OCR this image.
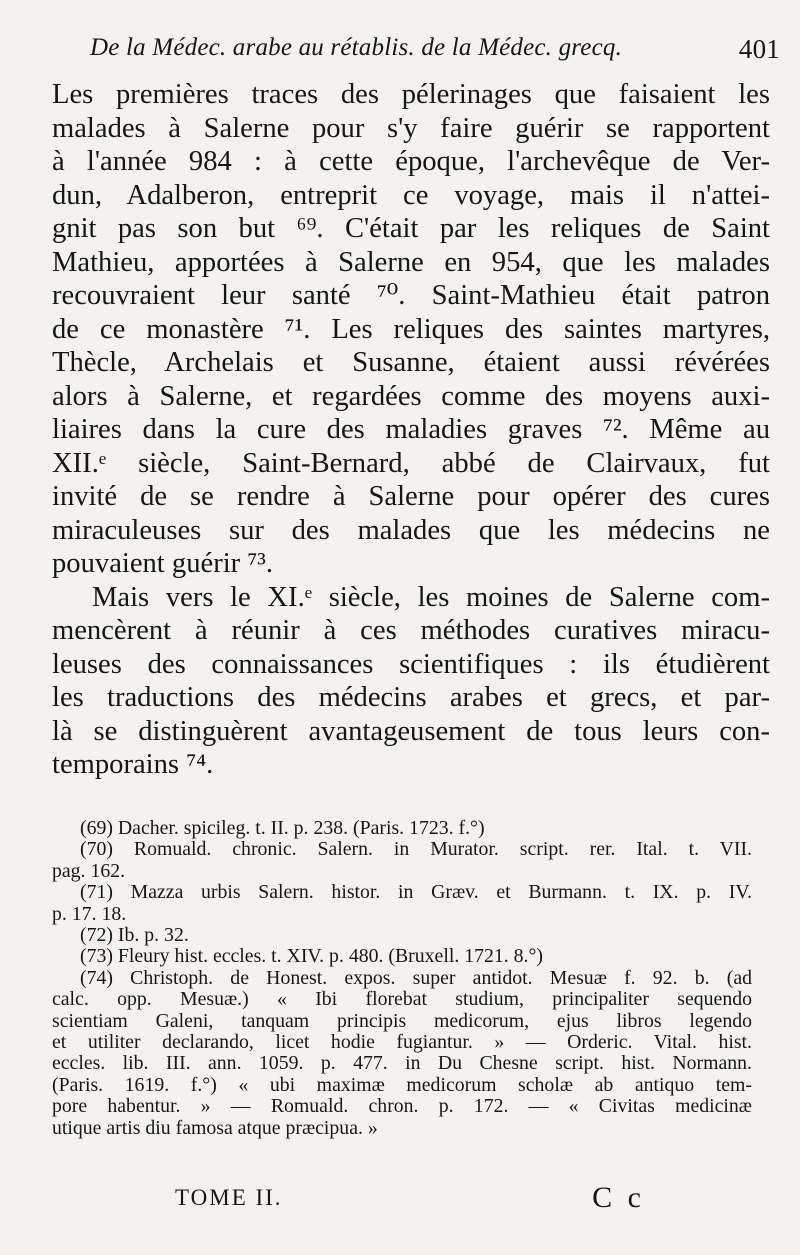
De la Médec. arabe au rétablis. de la Médec. grecq.	401
Les premières traces des pélerinages que faisaient les
malades à Salerne pour s'y faire guérir se rapportent
à l'année 984 : à cette époque, l'archevêque de Ver-
dun, Adalberon, entreprit ce voyage, mais il n'attei-
gnit pas son but ⁶⁹. C'était par les reliques de Saint
Mathieu, apportées à Salerne en 954, que les malades
recouvraient leur santé ⁷⁰. Saint-Mathieu était patron
de ce monastère ⁷¹. Les reliques des saintes martyres,
Thècle, Archelais et Susanne, étaient aussi révérées
alors à Salerne, et regardées comme des moyens auxi-
liaires dans la cure des maladies graves ⁷². Même au
XII.ᵉ siècle, Saint-Bernard, abbé de Clairvaux, fut
invité de se rendre à Salerne pour opérer des cures
miraculeuses sur des malades que les médecins ne
pouvaient guérir ⁷³.
Mais vers le XI.ᵉ siècle, les moines de Salerne com-
mencèrent à réunir à ces méthodes curatives miracu-
leuses des connaissances scientifiques : ils étudièrent
les traductions des médecins arabes et grecs, et par-
là se distinguèrent avantageusement de tous leurs con-
temporains ⁷⁴.
(69) Dacher. spicileg. t. II. p. 238. (Paris. 1723. f.°)
(70) Romuald. chronic. Salern. in Murator. script. rer. Ital. t. VII.
pag. 162.
(71) Mazza urbis Salern. histor. in Græv. et Burmann. t. IX. p. IV.
p. 17. 18.
(72) Ib. p. 32.
(73) Fleury hist. eccles. t. XIV. p. 480. (Bruxell. 1721. 8.°)
(74) Christoph. de Honest. expos. super antidot. Mesuæ f. 92. b. (ad
calc. opp. Mesuæ.) « Ibi florebat studium, principaliter sequendo
scientiam Galeni, tanquam principis medicorum, ejus libros legendo
et utiliter declarando, licet hodie fugiantur. » — Orderic. Vital. hist.
eccles. lib. III. ann. 1059. p. 477. in Du Chesne script. hist. Normann.
(Paris. 1619. f.°) « ubi maximæ medicorum scholæ ab antiquo tem-
pore habentur. » — Romuald. chron. p. 172. — « Civitas medicinæ
utique artis diu famosa atque præcipua. »
TOME II.	C c
